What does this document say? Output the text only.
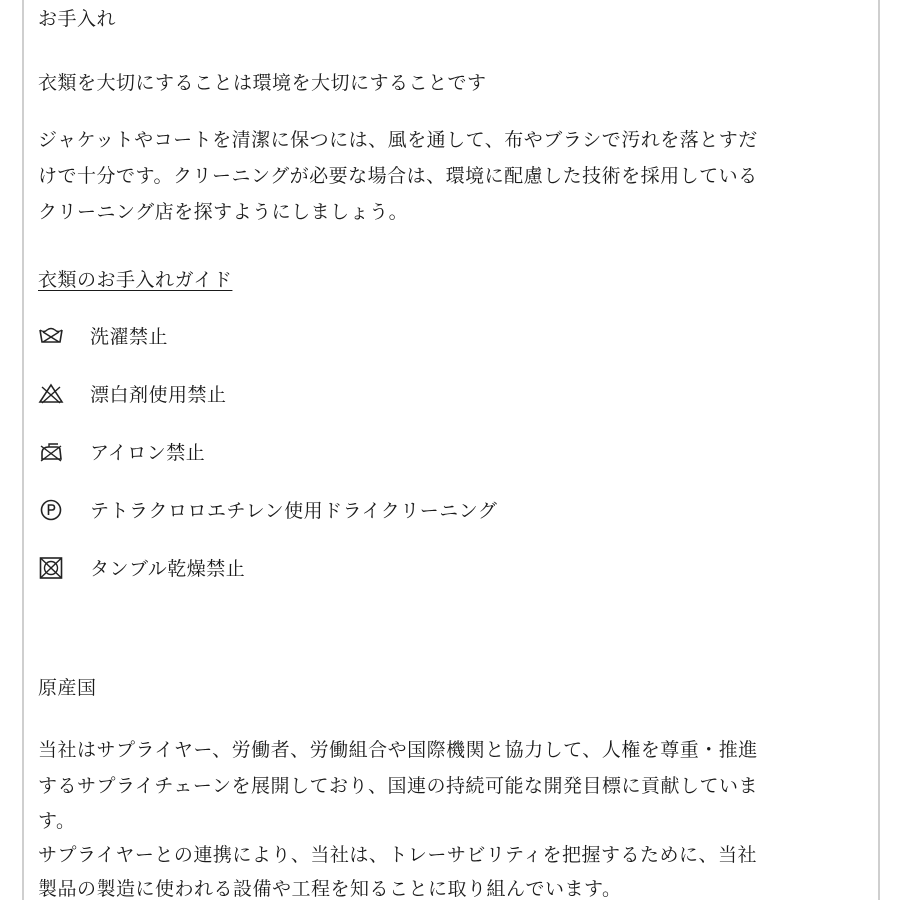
お手入れ
衣類を大切にすることは環境を大切にすることです
ジャケットやコートを清潔に保つには、風を通して、布やブラシで汚れを落とすだ
けで十分です。クリーニングが必要な場合は、環境に配慮した技術を採用している
クリーニング店を探すようにしましょう。
衣類のお手入れガイド
洗濯禁止
漂白剤使用禁止
アイロン禁止
テトラクロロエチレン使用ドライクリーニング
タンブル乾燥禁止
原産国
当社はサプライヤー、労働者、労働組合や国際機関と協力して、人権を尊重・推進
するサプライチェーンを展開しており、国連の持続可能な開発目標に貢献していま
す。
サプライヤーとの連携により、当社は、トレーサビリティを把握するために、当社
製品の製造に使われる設備や工程を知ることに取り組んでいます。
